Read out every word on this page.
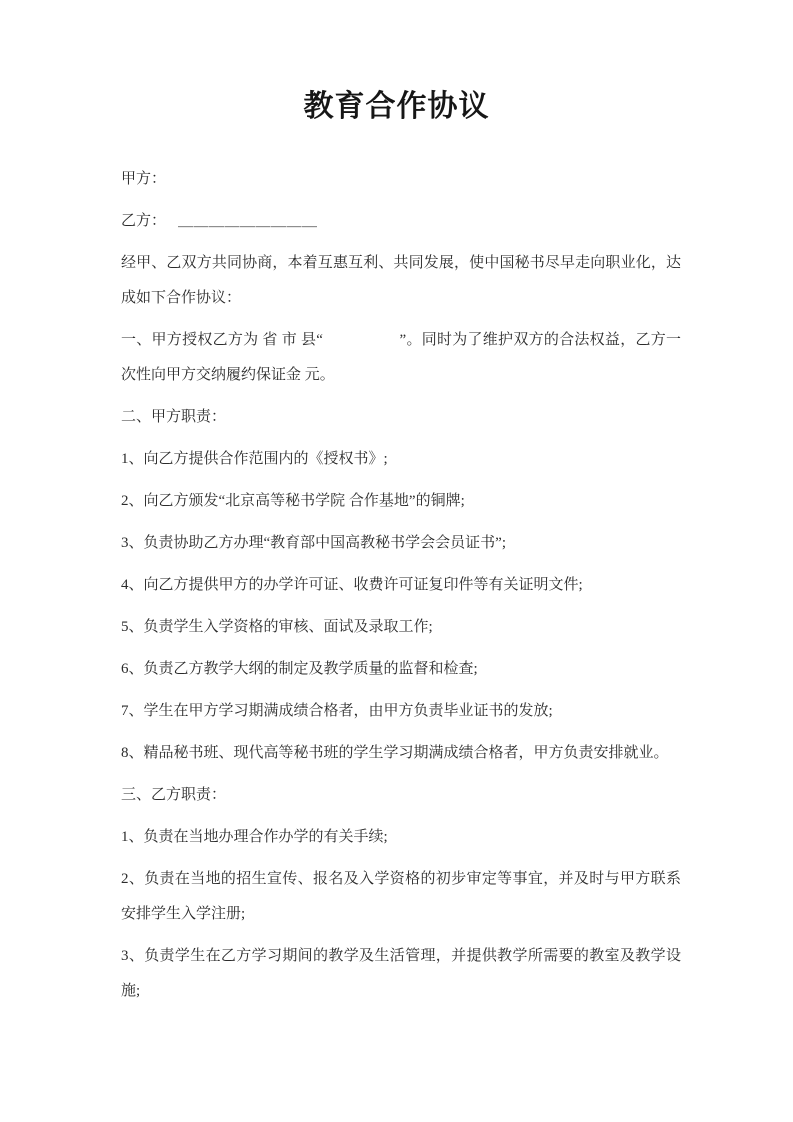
教育合作协议

甲方：

乙方： ＿＿＿＿＿＿＿＿＿

经甲、乙双方共同协商，本着互惠互利、共同发展，使中国秘书尽早走向职业化，达成如下合作协议：

一、甲方授权乙方为 省 市 县“　　　　　”。同时为了维护双方的合法权益，乙方一次性向甲方交纳履约保证金 元。

二、甲方职责：

1、向乙方提供合作范围内的《授权书》;

2、向乙方颁发“北京高等秘书学院 合作基地”的铜牌;

3、负责协助乙方办理“教育部中国高教秘书学会会员证书”;

4、向乙方提供甲方的办学许可证、收费许可证复印件等有关证明文件;

5、负责学生入学资格的审核、面试及录取工作;

6、负责乙方教学大纲的制定及教学质量的监督和检查;

7、学生在甲方学习期满成绩合格者，由甲方负责毕业证书的发放;

8、精品秘书班、现代高等秘书班的学生学习期满成绩合格者，甲方负责安排就业。

三、乙方职责：

1、负责在当地办理合作办学的有关手续;

2、负责在当地的招生宣传、报名及入学资格的初步审定等事宜，并及时与甲方联系安排学生入学注册;

3、负责学生在乙方学习期间的教学及生活管理，并提供教学所需要的教室及教学设施;
